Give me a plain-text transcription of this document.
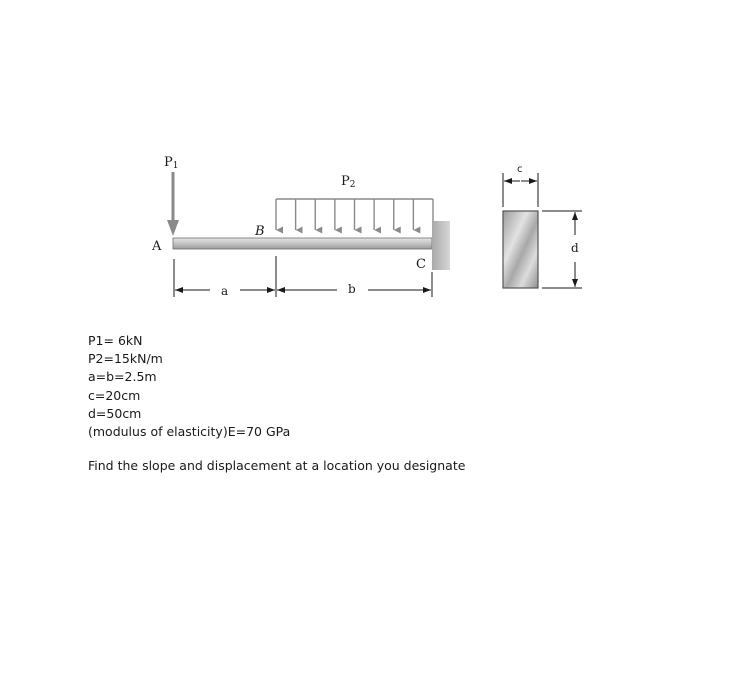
P1
P2
A
B
C
a	b
c
d
P1= 6kN
P2=15kN/m
a=b=2.5m
c=20cm
d=50cm
(modulus of elasticity)E=70 GPa
Find the slope and displacement at a location you designate
